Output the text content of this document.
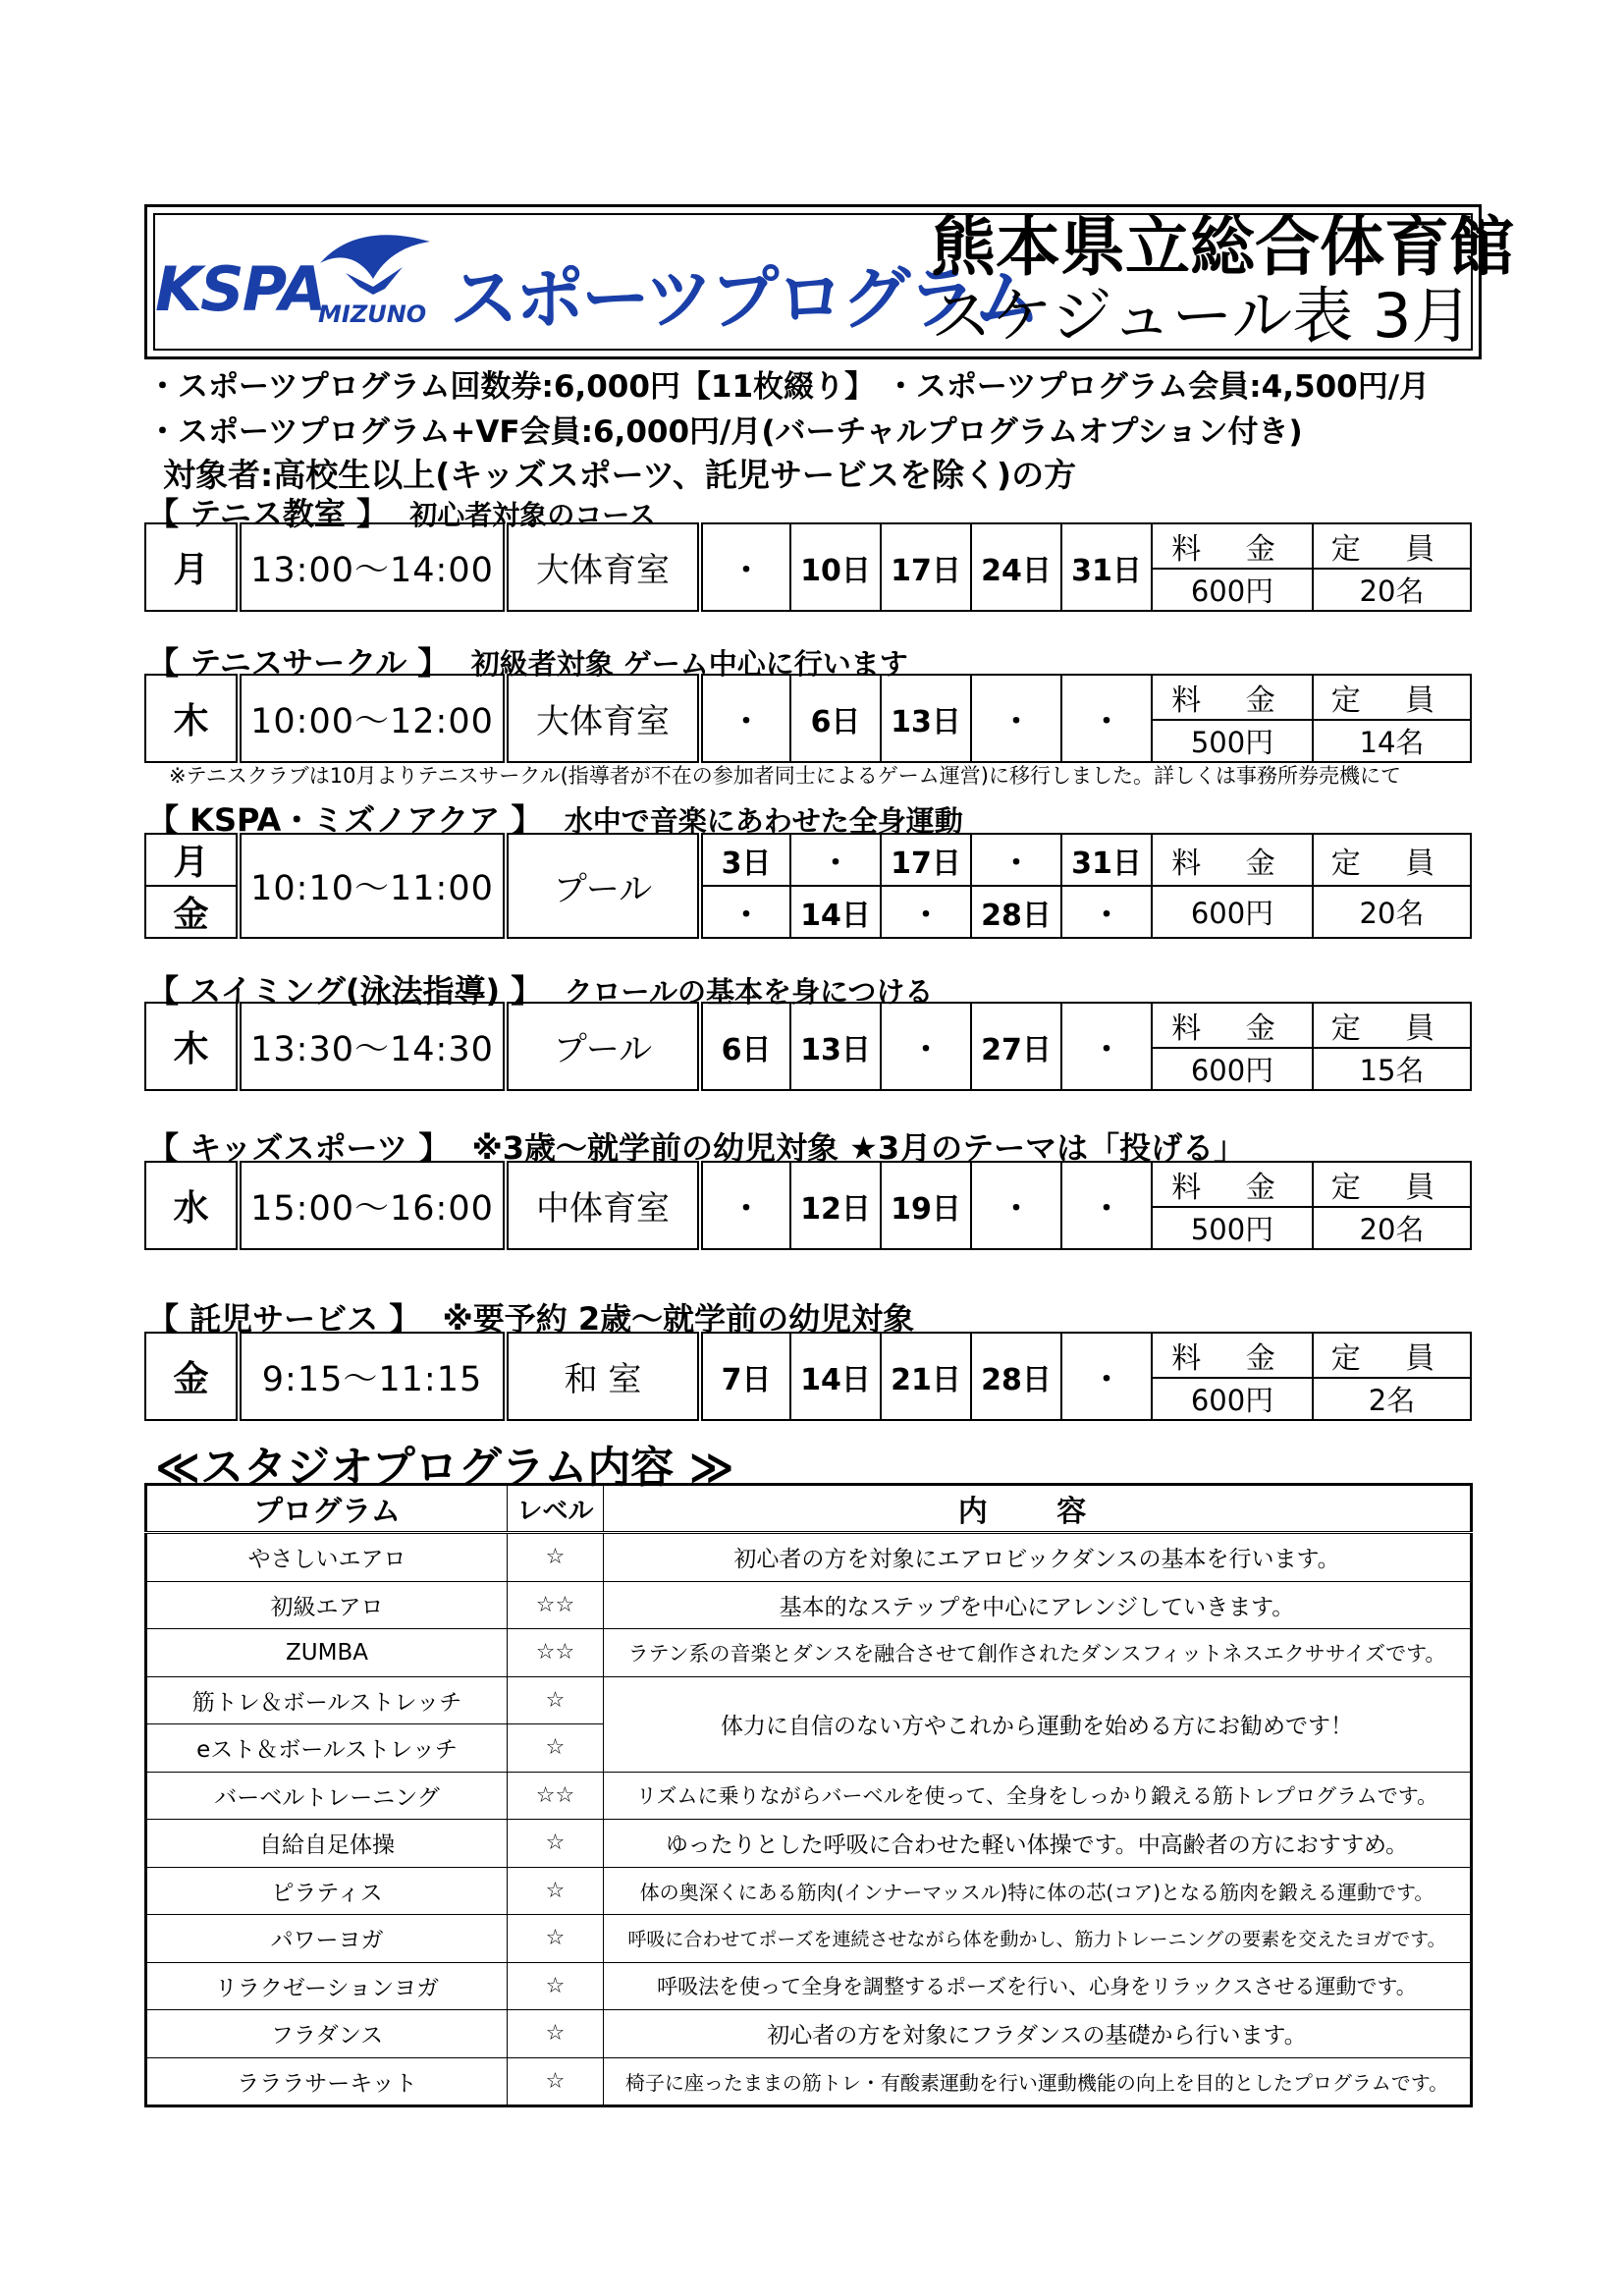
KSPA
MIZUNO スポーツプログラム
熊本県立総合体育館
スケジュール表 3月
・スポーツプログラム回数券:6,000円【11枚綴り】 ・スポーツプログラム会員:4,500円/月
・スポーツプログラム+VF会員:6,000円/月(バーチャルプログラムオプション付き)
対象者:高校生以上(キッズスポーツ、託児サービスを除く)の方
【 テニス教室 】 初心者対象のコース
月	13:00〜14:00	大体育室	・	10日	17日	24日	31日	料 金	定 員
								600円	20名
【 テニスサークル 】 初級者対象 ゲーム中心に行います
木	10:00〜12:00	大体育室	・	6日	13日	・	・	料 金	定 員
								500円	14名
※テニスクラブは10月よりテニスサークル(指導者が不在の参加者同士によるゲーム運営)に移行しました。詳しくは事務所券売機にて
【 KSPA・ミズノアクア 】 水中で音楽にあわせた全身運動
月	10:10〜11:00	プール	3日	・	17日	・	31日	料 金	定 員
金			・	14日	・	28日	・	600円	20名
【 スイミング(泳法指導) 】 クロールの基本を身につける
木	13:30〜14:30	プール	6日	13日	・	27日	・	料 金	定 員
								600円	15名
【 キッズスポーツ 】 ※3歳〜就学前の幼児対象 ★3月のテーマは「投げる」
水	15:00〜16:00	中体育室	・	12日	19日	・	・	料 金	定 員
								500円	20名
【 託児サービス 】 ※要予約 2歳〜就学前の幼児対象
金	9:15〜11:15	和 室	7日	14日	21日	28日	・	料 金	定 員
								600円	2名
≪スタジオプログラム内容 ≫
プログラム	レベル	内 容
やさしいエアロ	☆	初心者の方を対象にエアロビックダンスの基本を行います。
初級エアロ	☆☆	基本的なステップを中心にアレンジしていきます。
ZUMBA	☆☆	ラテン系の音楽とダンスを融合させて創作されたダンスフィットネスエクササイズです。
筋トレ＆ボールストレッチ	☆	体力に自信のない方やこれから運動を始める方にお勧めです！
eスト＆ボールストレッチ	☆	
バーベルトレーニング	☆☆	リズムに乗りながらバーベルを使って、全身をしっかり鍛える筋トレプログラムです。
自給自足体操	☆	ゆったりとした呼吸に合わせた軽い体操です。中高齢者の方におすすめ。
ピラティス	☆	体の奥深くにある筋肉(インナーマッスル)特に体の芯(コア)となる筋肉を鍛える運動です。
パワーヨガ	☆	呼吸に合わせてポーズを連続させながら体を動かし、筋力トレーニングの要素を交えたヨガです。
リラクゼーションヨガ	☆	呼吸法を使って全身を調整するポーズを行い、心身をリラックスさせる運動です。
フラダンス	☆	初心者の方を対象にフラダンスの基礎から行います。
ラララサーキット	☆	椅子に座ったままの筋トレ・有酸素運動を行い運動機能の向上を目的としたプログラムです。
